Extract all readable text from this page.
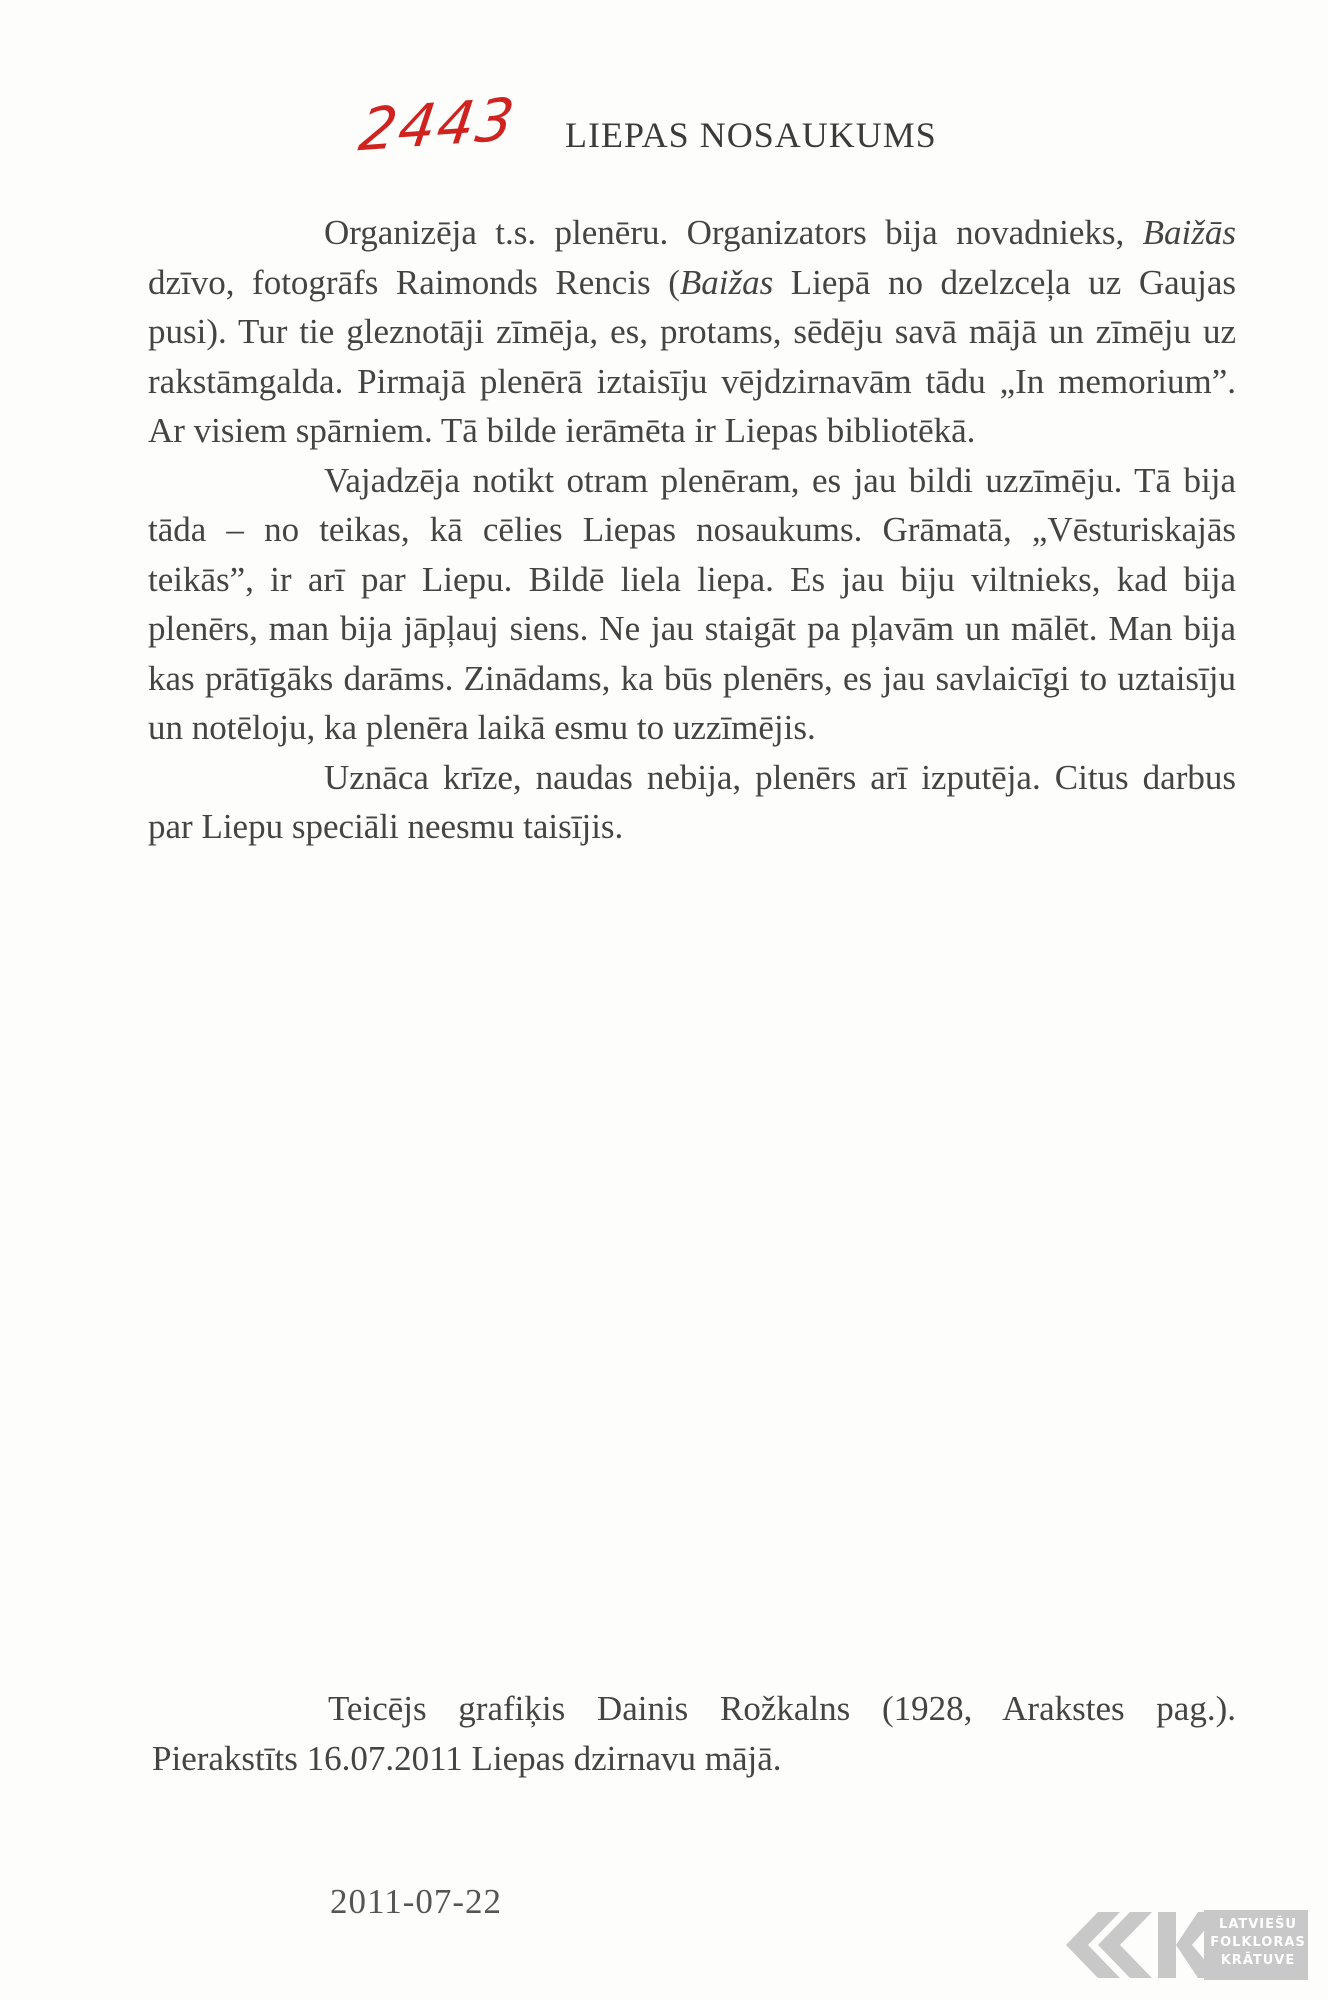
2443 LIEPAS NOSAUKUMS

Organizēja t.s. plenēru. Organizators bija novadnieks, Baižās dzīvo, fotogrāfs Raimonds Rencis (Baižas Liepā no dzelzceļa uz Gaujas pusi). Tur tie gleznotāji zīmēja, es, protams, sēdēju savā mājā un zīmēju uz rakstāmgalda. Pirmajā plenērā iztaisīju vējdzirnavām tādu „In memorium”. Ar visiem spārniem. Tā bilde ierāmēta ir Liepas bibliotēkā.

Vajadzēja notikt otram plenēram, es jau bildi uzzīmēju. Tā bija tāda – no teikas, kā cēlies Liepas nosaukums. Grāmatā, „Vēsturiskajās teikās”, ir arī par Liepu. Bildē liela liepa. Es jau biju viltnieks, kad bija plenērs, man bija jāpļauj siens. Ne jau staigāt pa pļavām un mālēt. Man bija kas prātīgāks darāms. Zinādams, ka būs plenērs, es jau savlaicīgi to uztaisīju un notēloju, ka plenēra laikā esmu to uzzīmējis.

Uznāca krīze, naudas nebija, plenērs arī izputēja. Citus darbus par Liepu speciāli neesmu taisījis.

Teicējs grafiķis Dainis Rožkalns (1928, Arakstes pag.). Pierakstīts 16.07.2011 Liepas dzirnavu mājā.

2011-07-22
LATVIEŠU
FOLKLORAS
KRĀTUVE
